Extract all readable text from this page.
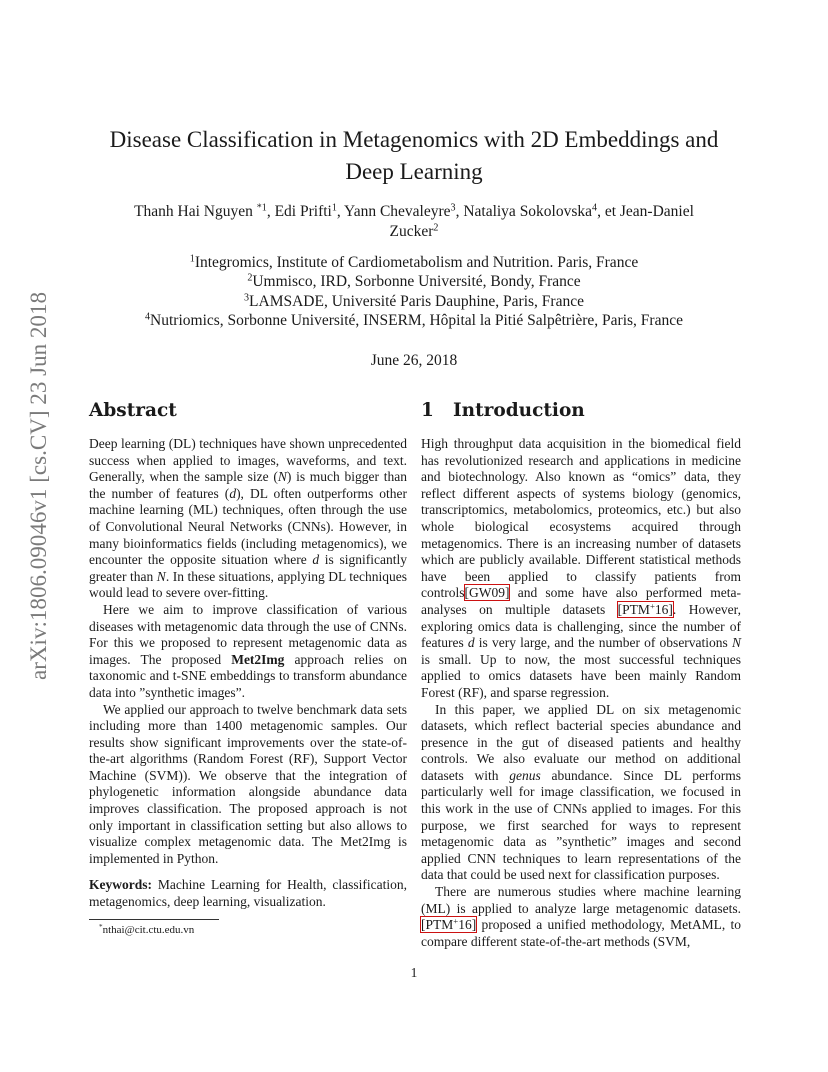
arXiv:1806.09046v1 [cs.CV] 23 Jun 2018
Disease Classification in Metagenomics with 2D Embeddings and
Deep Learning
Thanh Hai Nguyen $^{*1}$, Edi Prifti$^1$, Yann Chevaleyre$^3$, Nataliya Sokolovska$^4$, et Jean-Daniel
Zucker$^2$
$^1$Integromics, Institute of Cardiometabolism and Nutrition. Paris, France
$^2$Ummisco, IRD, Sorbonne Université, Bondy, France
$^3$LAMSADE, Université Paris Dauphine, Paris, France
$^4$Nutriomics, Sorbonne Université, INSERM, Hôpital la Pitié Salpêtrière, Paris, France
June 26, 2018
Abstract	1 Introduction

Deep learning (DL) techniques have shown unprecedented success when applied to images, waveforms, and text. Generally, when the sample size (N) is much bigger than the number of features (d), DL often outperforms other machine learning (ML) techniques, often through the use of Convolutional Neural Networks (CNNs). However, in many bioinformatics fields (including metagenomics), we encounter the opposite situation where d is significantly greater than N. In these situations, applying DL techniques would lead to severe over-fitting.

Here we aim to improve classification of various diseases with metagenomic data through the use of CNNs. For this we proposed to represent metagenomic data as images. The proposed Met2Img approach relies on taxonomic and t-SNE embeddings to transform abundance data into ”synthetic images”.

We applied our approach to twelve benchmark data sets including more than 1400 metagenomic samples. Our results show significant improvements over the state-of-the-art algorithms (Random Forest (RF), Support Vector Machine (SVM)). We observe that the integration of phylogenetic information alongside abundance data improves classification. The proposed approach is not only important in classification setting but also allows to visualize complex metagenomic data. The Met2Img is implemented in Python.

Keywords: Machine Learning for Health, classification, metagenomics, deep learning, visualization.

High throughput data acquisition in the biomedical field has revolutionized research and applications in medicine and biotechnology. Also known as “omics” data, they reflect different aspects of systems biology (genomics, transcriptomics, metabolomics, proteomics, etc.) but also whole biological ecosystems acquired through metagenomics. There is an increasing number of datasets which are publicly available. Different statistical methods have been applied to classify patients from controls[GW09] and some have also performed meta-analyses on multiple datasets [PTM+16]. However, exploring omics data is challenging, since the number of features d is very large, and the number of observations N is small. Up to now, the most successful techniques applied to omics datasets have been mainly Random Forest (RF), and sparse regression.

In this paper, we applied DL on six metagenomic datasets, which reflect bacterial species abundance and presence in the gut of diseased patients and healthy controls. We also evaluate our method on additional datasets with genus abundance. Since DL performs particularly well for image classification, we focused in this work in the use of CNNs applied to images. For this purpose, we first searched for ways to represent metagenomic data as ”synthetic” images and second applied CNN techniques to learn representations of the data that could be used next for classification purposes.

There are numerous studies where machine learning (ML) is applied to analyze large metagenomic datasets. [PTM+16] proposed a unified methodology, MetAML, to compare different state-of-the-art methods (SVM,

*nthai@cit.ctu.edu.vn
1
